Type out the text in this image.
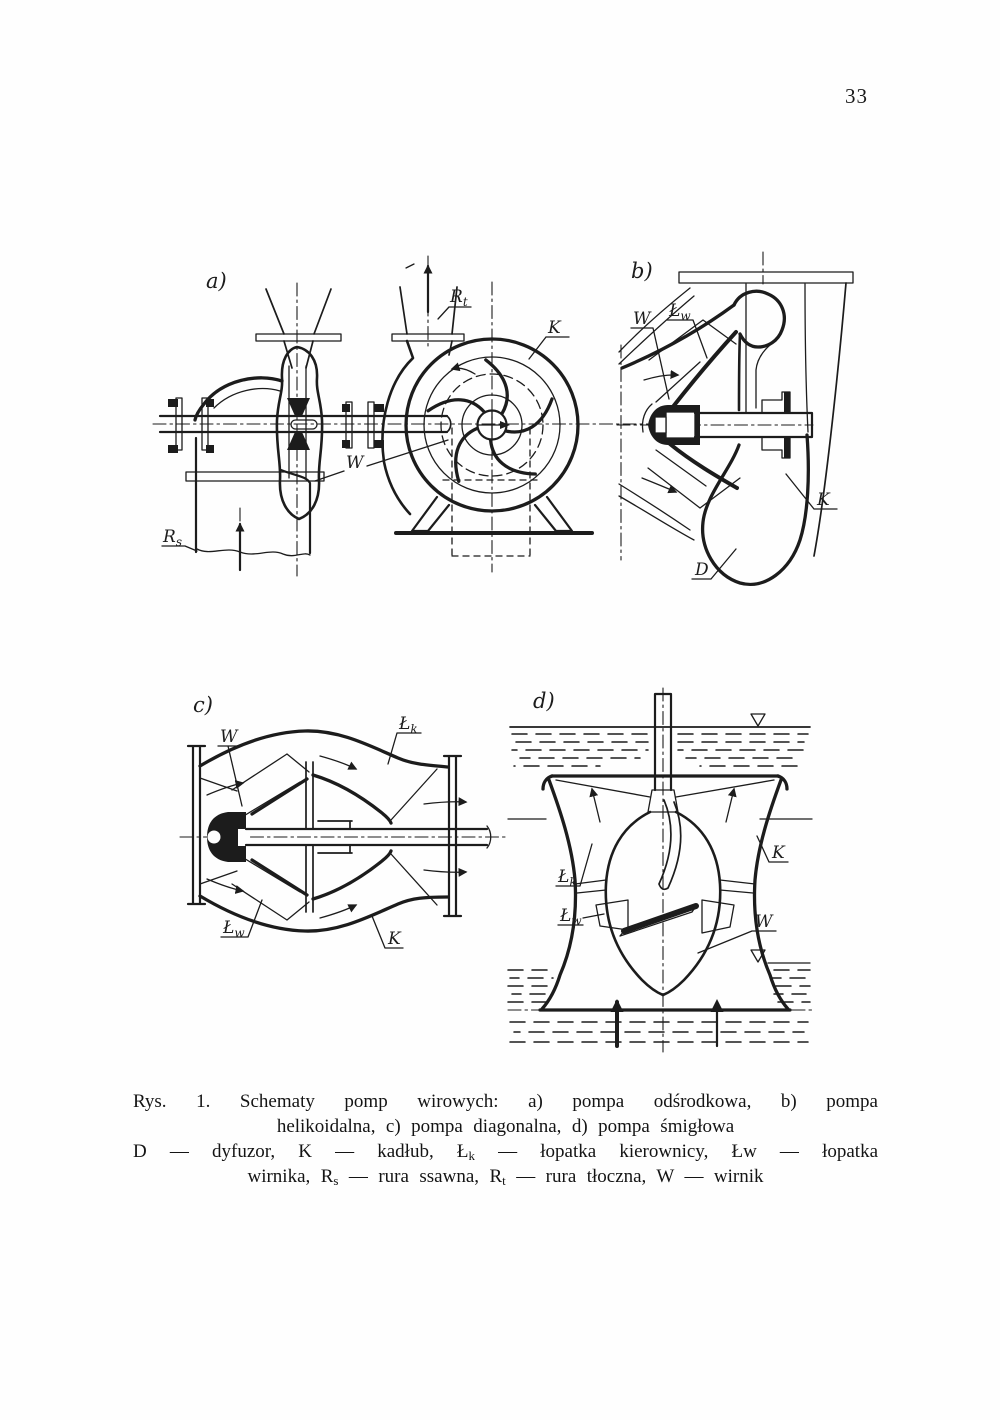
33
a)
$R_t$
K
W
$R_s$
b)
W $Ł_w$
K
D
c)
W
$Ł_k$
$Ł_w$	K
d)
$Ł_k$
$Ł_w$
K
W
Rys. 1. Schematy pomp wirowych: a) pompa odśrodkowa, b) pompa
helikoidalna, c) pompa diagonalna, d) pompa śmigłowa
D — dyfuzor, K — kadłub, $Ł_k$ — łopatka kierownicy, Łw — łopatka
wirnika, $R_s$ — rura ssawna, $R_t$ — rura tłoczna, W — wirnik
